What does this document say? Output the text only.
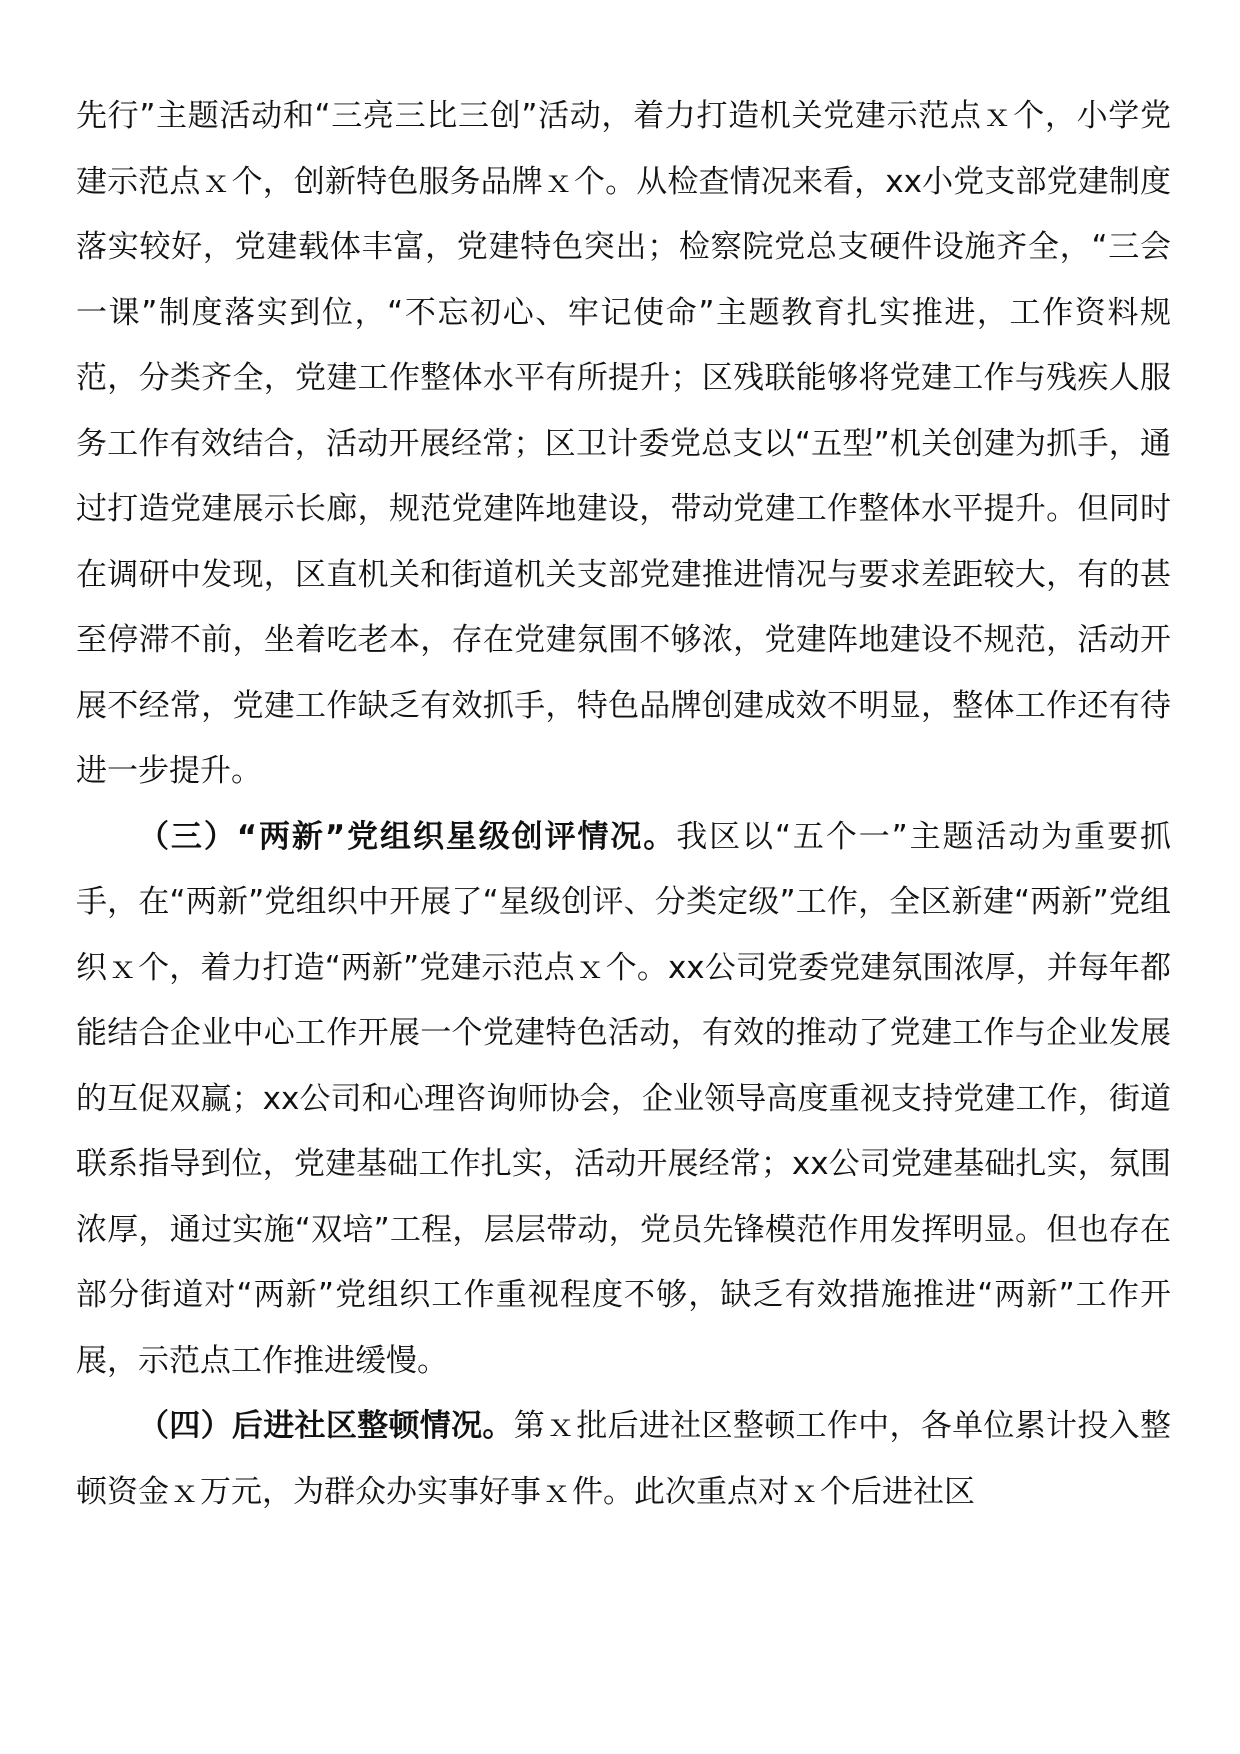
先行”主题活动和“三亮三比三创”活动，着力打造机关党建示范点ｘ个，小学党建示范点ｘ个，创新特色服务品牌ｘ个。从检查情况来看，xx小党支部党建制度落实较好，党建载体丰富，党建特色突出；检察院党总支硬件设施齐全，“三会一课”制度落实到位，“不忘初心、牢记使命”主题教育扎实推进，工作资料规范，分类齐全，党建工作整体水平有所提升；区残联能够将党建工作与残疾人服务工作有效结合，活动开展经常；区卫计委党总支以“五型”机关创建为抓手，通过打造党建展示长廊，规范党建阵地建设，带动党建工作整体水平提升。但同时在调研中发现，区直机关和街道机关支部党建推进情况与要求差距较大，有的甚至停滞不前，坐着吃老本，存在党建氛围不够浓，党建阵地建设不规范，活动开展不经常，党建工作缺乏有效抓手，特色品牌创建成效不明显，整体工作还有待进一步提升。

（三）“两新”党组织星级创评情况。我区以“五个一”主题活动为重要抓手，在“两新”党组织中开展了“星级创评、分类定级”工作，全区新建“两新”党组织ｘ个，着力打造“两新”党建示范点ｘ个。xx公司党委党建氛围浓厚，并每年都能结合企业中心工作开展一个党建特色活动，有效的推动了党建工作与企业发展的互促双赢；xx公司和心理咨询师协会，企业领导高度重视支持党建工作，街道联系指导到位，党建基础工作扎实，活动开展经常；xx公司党建基础扎实，氛围浓厚，通过实施“双培”工程，层层带动，党员先锋模范作用发挥明显。但也存在部分街道对“两新”党组织工作重视程度不够，缺乏有效措施推进“两新”工作开展，示范点工作推进缓慢。

（四）后进社区整顿情况。第ｘ批后进社区整顿工作中，各单位累计投入整顿资金ｘ万元，为群众办实事好事ｘ件。此次重点对ｘ个后进社区
